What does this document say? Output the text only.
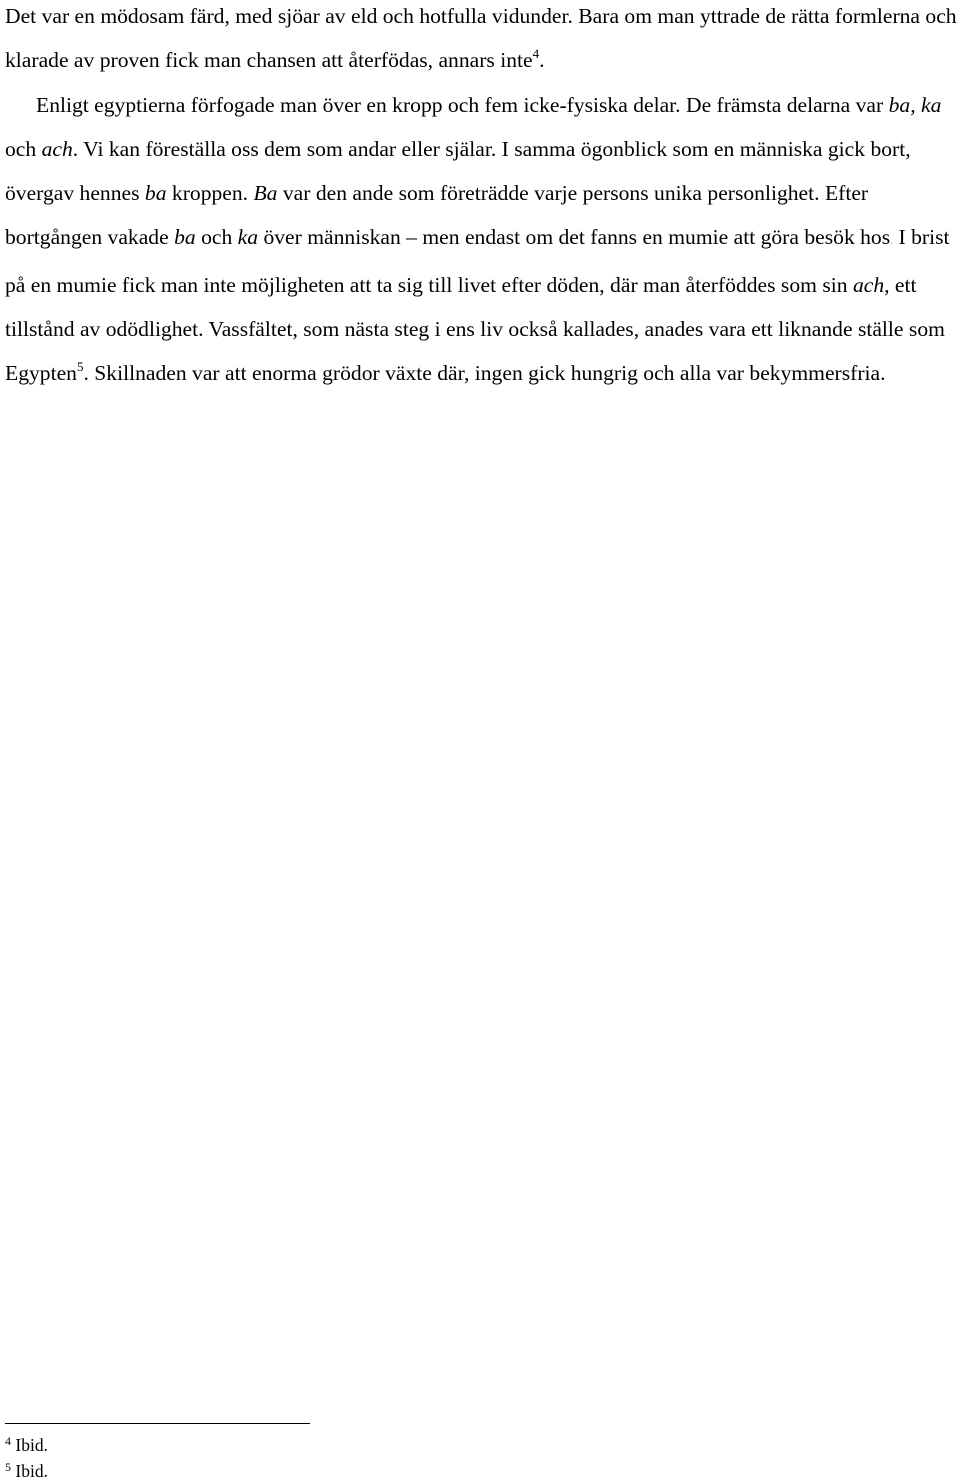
Det var en mödosam färd, med sjöar av eld och hotfulla vidunder. Bara om man yttrade de rätta formlerna och klarade av proven fick man chansen att återfödas, annars inte$^4$.

Enligt egyptierna förfogade man över en kropp och fem icke-fysiska delar. De främsta delarna var ba, ka och ach. Vi kan föreställa oss dem som andar eller själar. I samma ögonblick som en människa gick bort, övergav hennes ba kroppen. Ba var den ande som företrädde varje persons unika personlighet. Efter bortgången vakade ba och ka över människan – men endast om det fanns en mumie att göra besök hos. I brist på en mumie fick man inte möjligheten att ta sig till livet efter döden, där man återföddes som sin ach, ett tillstånd av odödlighet. Vassfältet, som nästa steg i ens liv också kallades, anades vara ett liknande ställe som Egypten$^5$. Skillnaden var att enorma grödor växte där, ingen gick hungrig och alla var bekymmersfria.

$^4$ Ibid.
$^5$ Ibid.
